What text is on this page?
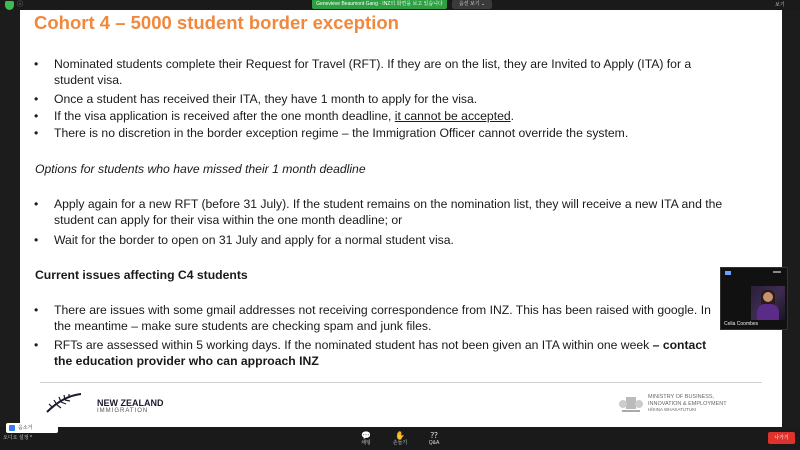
ⓘ	Genevieve Beaumont Gang · INZ의 화면을 보고 있습니다	옵션 보기 ⌄	보기
Cohort 4 – 5000 student border exception
• Nominated students complete their Request for Travel (RFT). If they are on the list, they are Invited to Apply (ITA) for a student visa.
• Once a student has received their ITA, they have 1 month to apply for the visa.
• If the visa application is received after the one month deadline, it cannot be accepted.
• There is no discretion in the border exception regime – the Immigration Officer cannot override the system.
Options for students who have missed their 1 month deadline
• Apply again for a new RFT (before 31 July). If the student remains on the nomination list, they will receive a new ITA and the student can apply for their visa within the one month deadline; or
• Wait for the border to open on 31 July and apply for a normal student visa.
Current issues affecting C4 students
• There are issues with some gmail addresses not receiving correspondence from INZ. This has been raised with google. In the meantime – make sure students are checking spam and junk files.
• RFTs are assessed within 5 working days. If the nominated student has not been given an ITA within one week – contact the education provider who can approach INZ
NEW ZEALAND
IMMIGRATION
MINISTRY OF BUSINESS,
INNOVATION & EMPLOYMENT
HĪKINA WHAKATUTUKI
Celia Coombes
음소거
오디오 설정 ^	💬
채팅
✋
손들기
⁇
Q&A
나가기
